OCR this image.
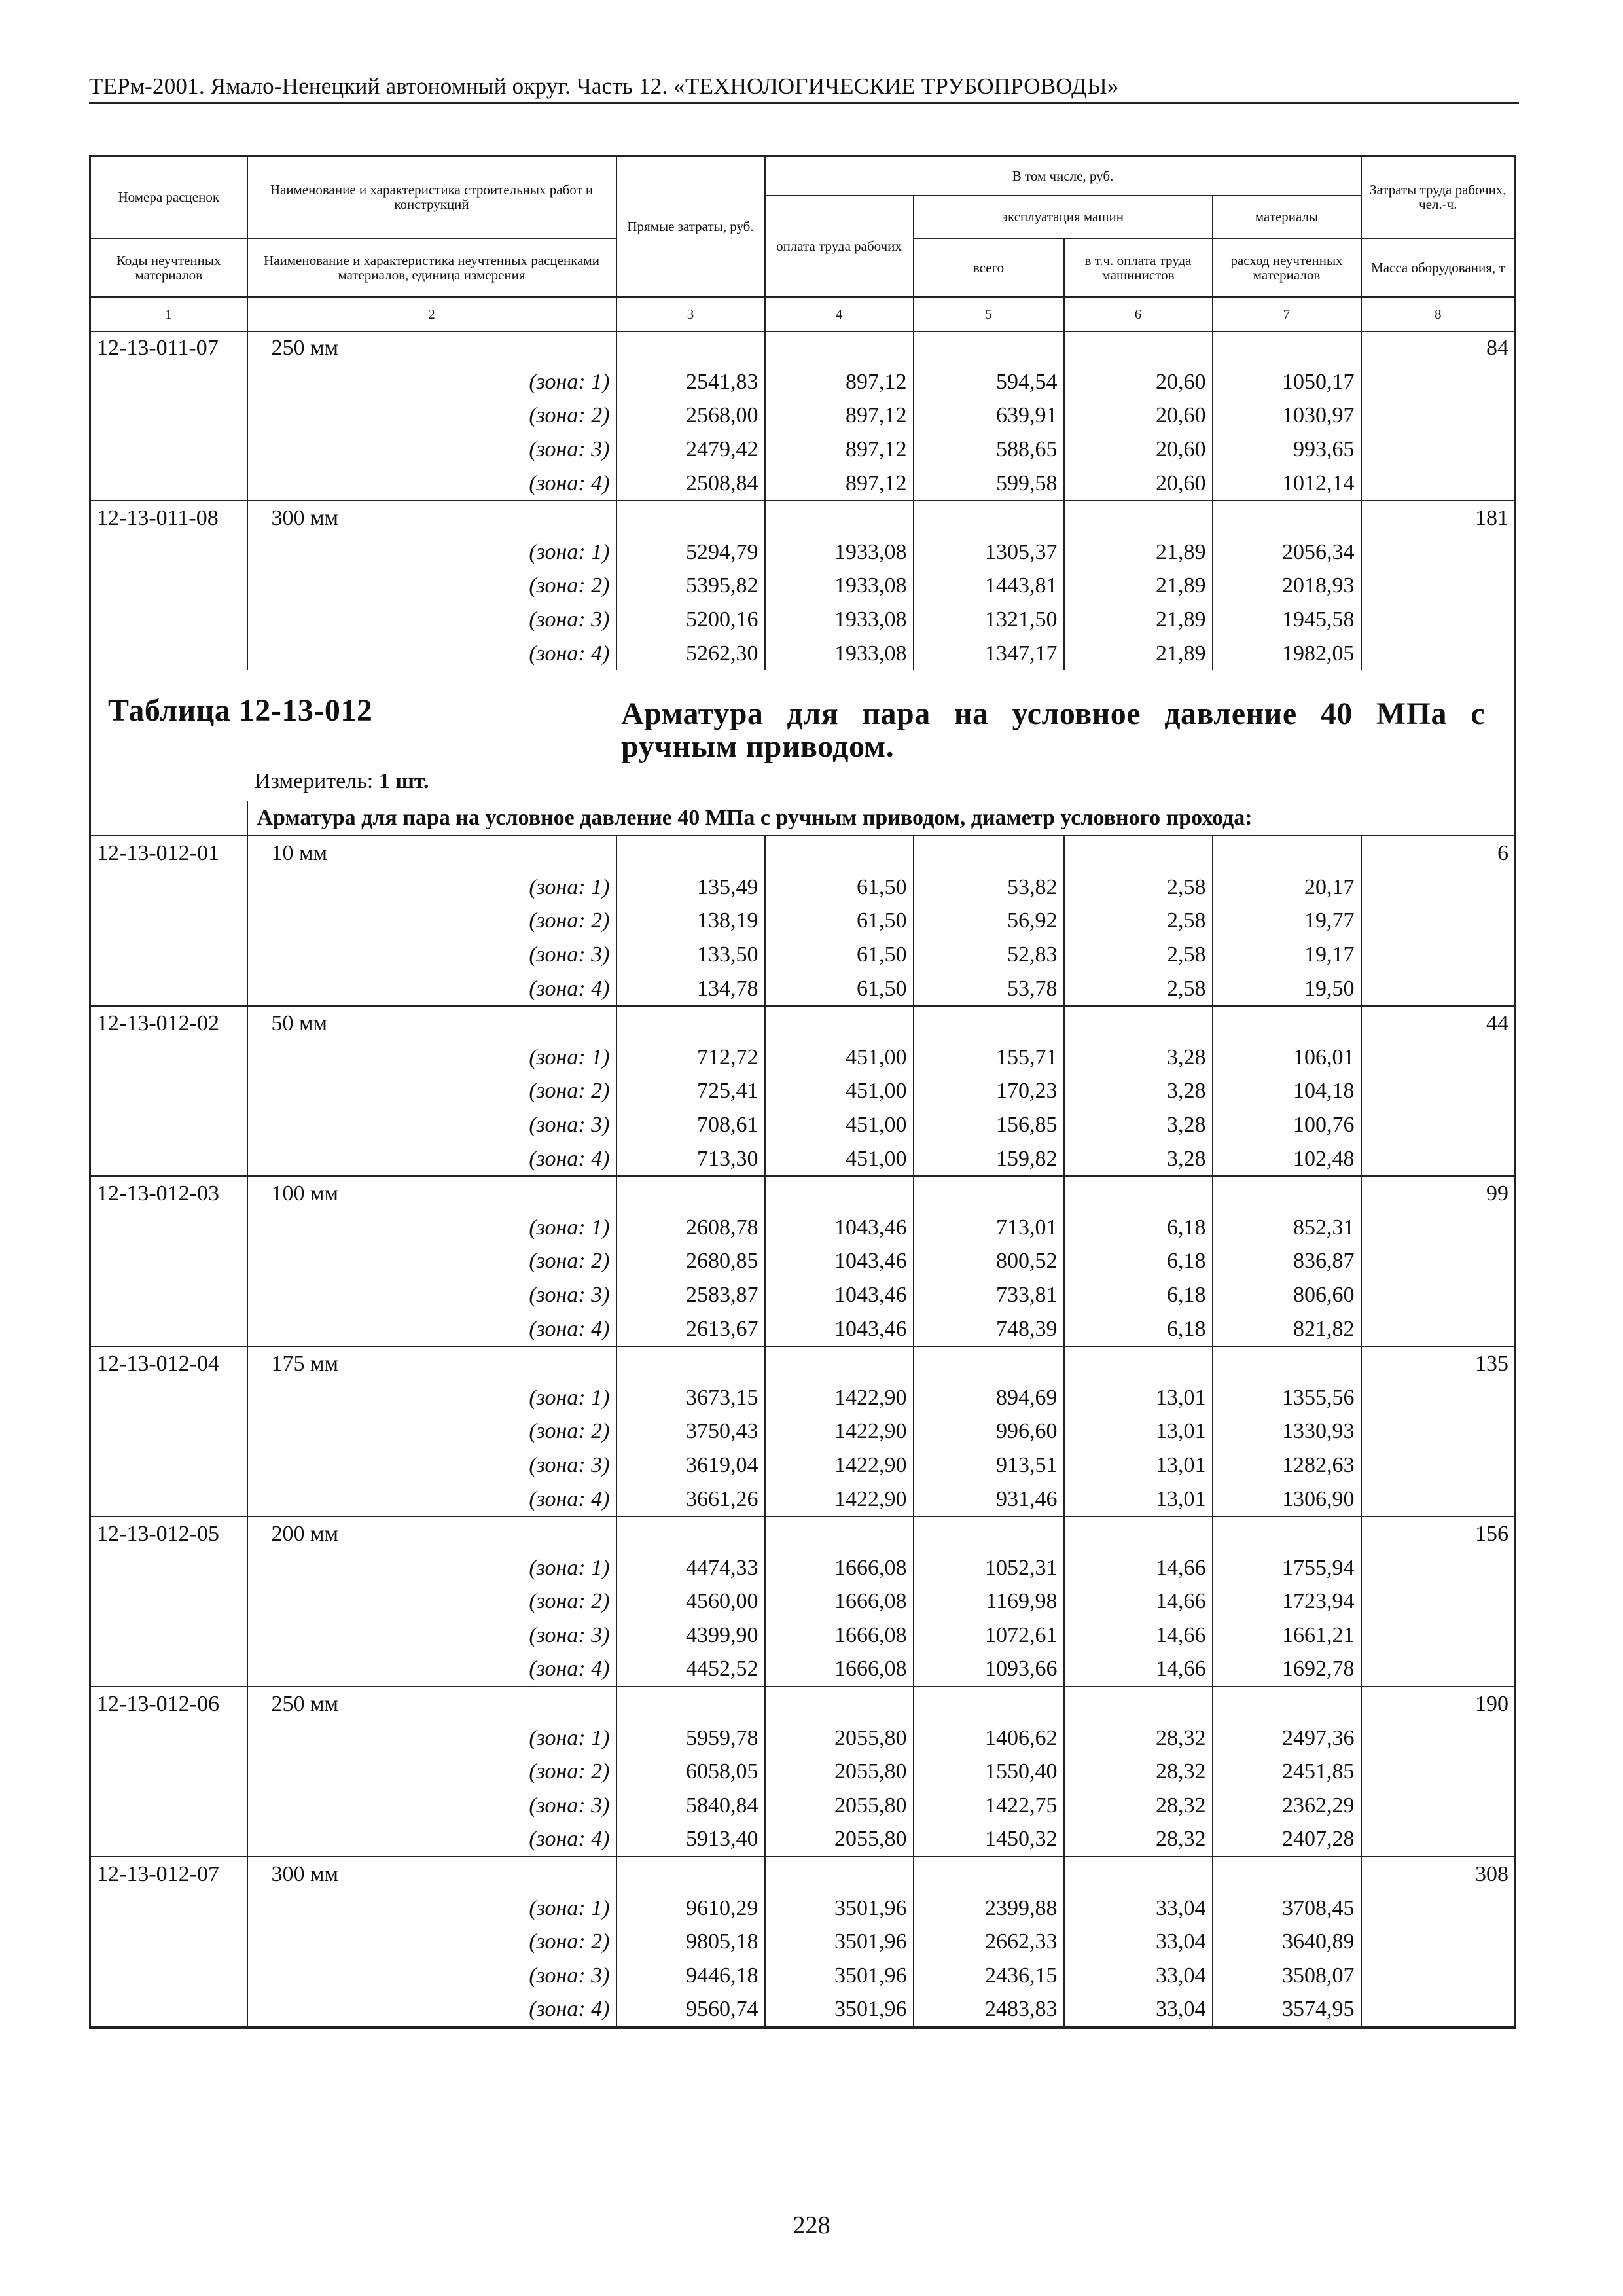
ТЕРм-2001. Ямало-Ненецкий автономный округ. Часть 12. «ТЕХНОЛОГИЧЕСКИЕ ТРУБОПРОВОДЫ»
Номера расценок	Наименование и характеристика строительных работ и конструкций	Прямые затраты, руб.	В том числе, руб.				Затраты труда рабочих, чел.-ч.
			оплата труда рабочих	эксплуатация машин		материалы	
Коды неучтенных материалов	Наименование и характеристика неучтенных расценками материалов, единица измерения			всего	в т.ч. оплата труда машинистов	расход неучтенных материалов	Масса оборудования, т
1	2	3	4	5	6	7	8
12-13-011-07	250 мм						84
	(зона: 1)	2541,83	897,12	594,54	20,60	1050,17	
	(зона: 2)	2568,00	897,12	639,91	20,60	1030,97	
	(зона: 3)	2479,42	897,12	588,65	20,60	993,65	
	(зона: 4)	2508,84	897,12	599,58	20,60	1012,14	
12-13-011-08	300 мм						181
	(зона: 1)	5294,79	1933,08	1305,37	21,89	2056,34	
	(зона: 2)	5395,82	1933,08	1443,81	21,89	2018,93	
	(зона: 3)	5200,16	1933,08	1321,50	21,89	1945,58	
	(зона: 4)	5262,30	1933,08	1347,17	21,89	1982,05	

Таблица 12-13-012 Арматура для пара на условное давление 40 МПа с ручным приводом.
Измеритель: 1 шт.							

	Арматура для пара на условное давление 40 МПа с ручным приводом, диаметр условного прохода:						
12-13-012-01	10 мм						6
	(зона: 1)	135,49	61,50	53,82	2,58	20,17	
	(зона: 2)	138,19	61,50	56,92	2,58	19,77	
	(зона: 3)	133,50	61,50	52,83	2,58	19,17	
	(зона: 4)	134,78	61,50	53,78	2,58	19,50	
12-13-012-02	50 мм						44
	(зона: 1)	712,72	451,00	155,71	3,28	106,01	
	(зона: 2)	725,41	451,00	170,23	3,28	104,18	
	(зона: 3)	708,61	451,00	156,85	3,28	100,76	
	(зона: 4)	713,30	451,00	159,82	3,28	102,48	
12-13-012-03	100 мм						99
	(зона: 1)	2608,78	1043,46	713,01	6,18	852,31	
	(зона: 2)	2680,85	1043,46	800,52	6,18	836,87	
	(зона: 3)	2583,87	1043,46	733,81	6,18	806,60	
	(зона: 4)	2613,67	1043,46	748,39	6,18	821,82	
12-13-012-04	175 мм						135
	(зона: 1)	3673,15	1422,90	894,69	13,01	1355,56	
	(зона: 2)	3750,43	1422,90	996,60	13,01	1330,93	
	(зона: 3)	3619,04	1422,90	913,51	13,01	1282,63	
	(зона: 4)	3661,26	1422,90	931,46	13,01	1306,90	
12-13-012-05	200 мм						156
	(зона: 1)	4474,33	1666,08	1052,31	14,66	1755,94	
	(зона: 2)	4560,00	1666,08	1169,98	14,66	1723,94	
	(зона: 3)	4399,90	1666,08	1072,61	14,66	1661,21	
	(зона: 4)	4452,52	1666,08	1093,66	14,66	1692,78	
12-13-012-06	250 мм						190
	(зона: 1)	5959,78	2055,80	1406,62	28,32	2497,36	
	(зона: 2)	6058,05	2055,80	1550,40	28,32	2451,85	
	(зона: 3)	5840,84	2055,80	1422,75	28,32	2362,29	
	(зона: 4)	5913,40	2055,80	1450,32	28,32	2407,28	
12-13-012-07	300 мм						308
	(зона: 1)	9610,29	3501,96	2399,88	33,04	3708,45	
	(зона: 2)	9805,18	3501,96	2662,33	33,04	3640,89	
	(зона: 3)	9446,18	3501,96	2436,15	33,04	3508,07	
	(зона: 4)	9560,74	3501,96	2483,83	33,04	3574,95	
228
